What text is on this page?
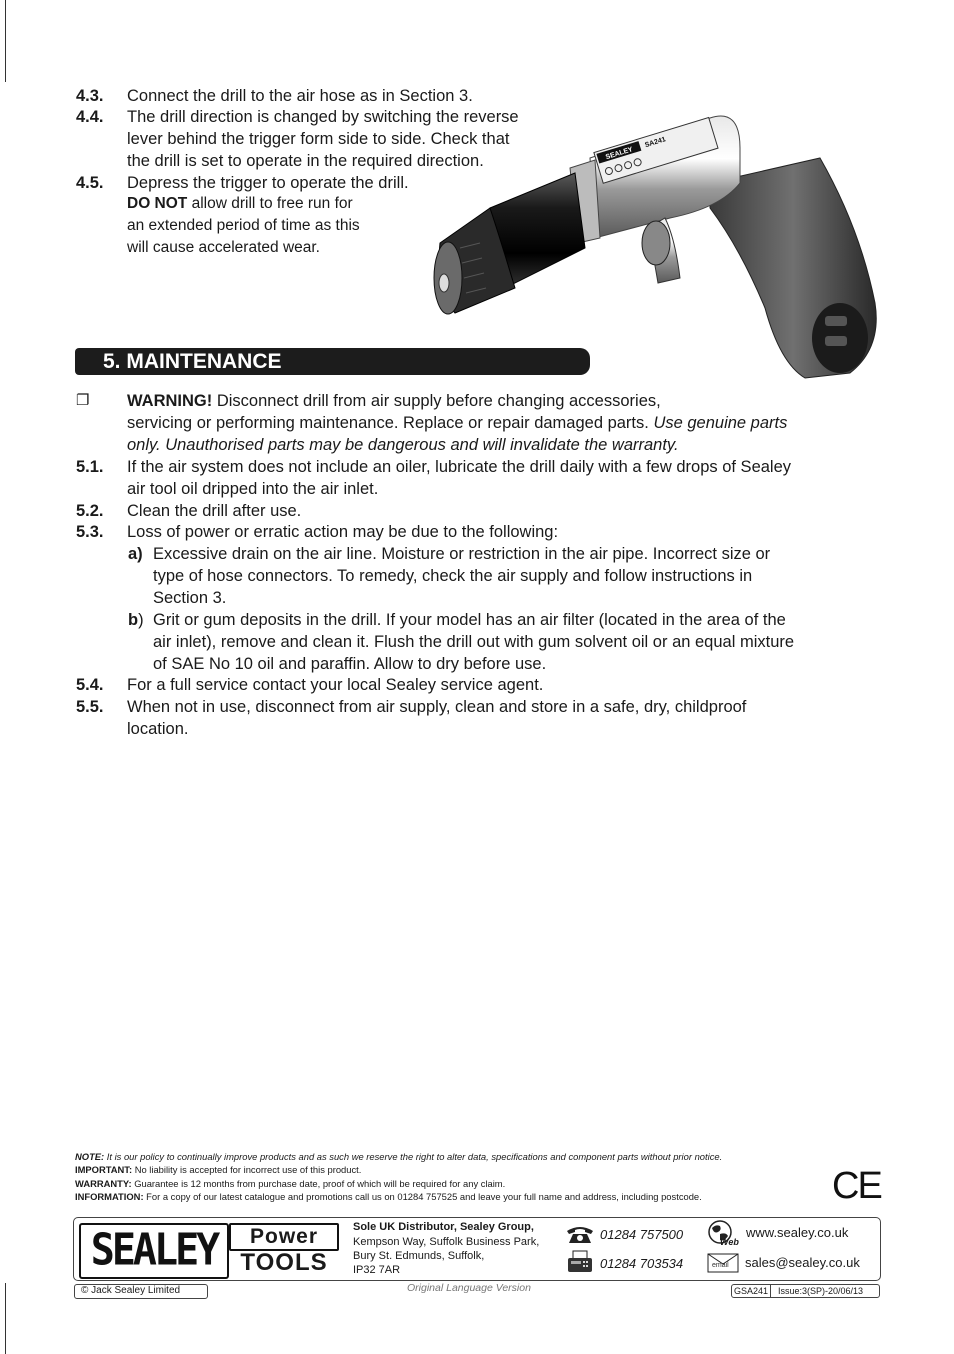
SEALEY
SA241
4.3. Connect the drill to the air hose as in Section 3.
4.4. The drill direction is changed by switching the reverse
lever behind the trigger form side to side. Check that
the drill is set to operate in the required direction.
4.5. Depress the trigger to operate the drill.
DO NOT allow drill to free run for
an extended period of time as this
will cause accelerated wear.
5. MAINTENANCE
❐ WARNING! Disconnect drill from air supply before changing accessories,
servicing or performing maintenance. Replace or repair damaged parts. Use genuine parts
only. Unauthorised parts may be dangerous and will invalidate the warranty.
5.1. If the air system does not include an oiler, lubricate the drill daily with a few drops of Sealey
air tool oil dripped into the air inlet.
5.2. Clean the drill after use.
5.3. Loss of power or erratic action may be due to the following:
a) Excessive drain on the air line. Moisture or restriction in the air pipe. Incorrect size or
type of hose connectors. To remedy, check the air supply and follow instructions in
Section 3.
b) Grit or gum deposits in the drill. If your model has an air filter (located in the area of the
air inlet), remove and clean it. Flush the drill out with gum solvent oil or an equal mixture
of SAE No 10 oil and paraffin. Allow to dry before use.
5.4. For a full service contact your local Sealey service agent.
5.5. When not in use, disconnect from air supply, clean and store in a safe, dry, childproof
location.
NOTE: It is our policy to continually improve products and as such we reserve the right to alter data, specifications and component parts without prior notice.
IMPORTANT: No liability is accepted for incorrect use of this product.
WARRANTY: Guarantee is 12 months from purchase date, proof of which will be required for any claim.
INFORMATION: For a copy of our latest catalogue and promotions call us on 01284 757525 and leave your full name and address, including postcode.	CE
SEALEY	Power
TOOLS
Sole UK Distributor, Sealey Group,
Kempson Way, Suffolk Business Park,
Bury St. Edmunds, Suffolk,
IP32 7AR
01284 757500
01284 703534
Web
www.sealey.co.uk
email sales@sealey.co.uk
© Jack Sealey Limited	Original Language Version	GSA241	Issue:3(SP)-20/06/13
